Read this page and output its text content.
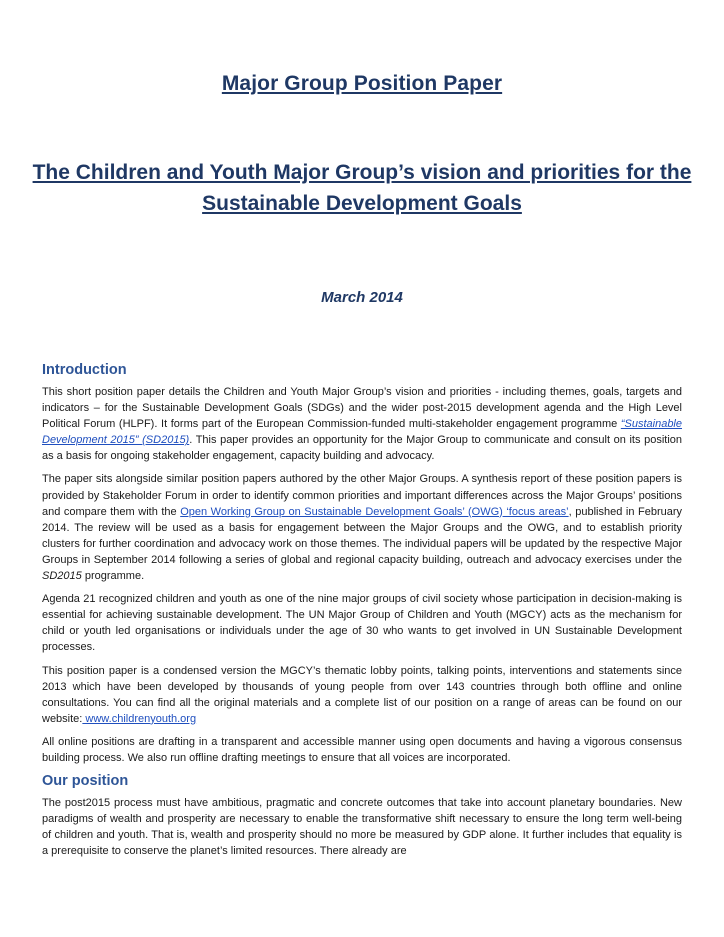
Major Group Position Paper
The Children and Youth Major Group’s vision and priorities for the Sustainable Development Goals
March 2014
Introduction

This short position paper details the Children and Youth Major Group’s vision and priorities - including themes, goals, targets and indicators – for the Sustainable Development Goals (SDGs) and the wider post-2015 development agenda and the High Level Political Forum (HLPF). It forms part of the European Commission-funded multi-stakeholder engagement programme “Sustainable Development 2015” (SD2015). This paper provides an opportunity for the Major Group to communicate and consult on its position as a basis for ongoing stakeholder engagement, capacity building and advocacy.

The paper sits alongside similar position papers authored by the other Major Groups. A synthesis report of these position papers is provided by Stakeholder Forum in order to identify common priorities and important differences across the Major Groups’ positions and compare them with the Open Working Group on Sustainable Development Goals’ (OWG) ‘focus areas’, published in February 2014. The review will be used as a basis for engagement between the Major Groups and the OWG, and to establish priority clusters for further coordination and advocacy work on those themes. The individual papers will be updated by the respective Major Groups in September 2014 following a series of global and regional capacity building, outreach and advocacy exercises under the SD2015 programme.

Agenda 21 recognized children and youth as one of the nine major groups of civil society whose participation in decision-making is essential for achieving sustainable development. The UN Major Group of Children and Youth (MGCY) acts as the mechanism for child or youth led organisations or individuals under the age of 30 who wants to get involved in UN Sustainable Development processes.

This position paper is a condensed version the MGCY’s thematic lobby points, talking points, interventions and statements since 2013 which have been developed by thousands of young people from over 143 countries through both offline and online consultations. You can find all the original materials and a complete list of our position on a range of areas can be found on our website: www.childrenyouth.org

All online positions are drafting in a transparent and accessible manner using open documents and having a vigorous consensus building process. We also run offline drafting meetings to ensure that all voices are incorporated.

Our position

The post2015 process must have ambitious, pragmatic and concrete outcomes that take into account planetary boundaries. New paradigms of wealth and prosperity are necessary to enable the transformative shift necessary to ensure the long term well-being of children and youth. That is, wealth and prosperity should no more be measured by GDP alone. It further includes that equality is a prerequisite to conserve the planet’s limited resources. There already are
